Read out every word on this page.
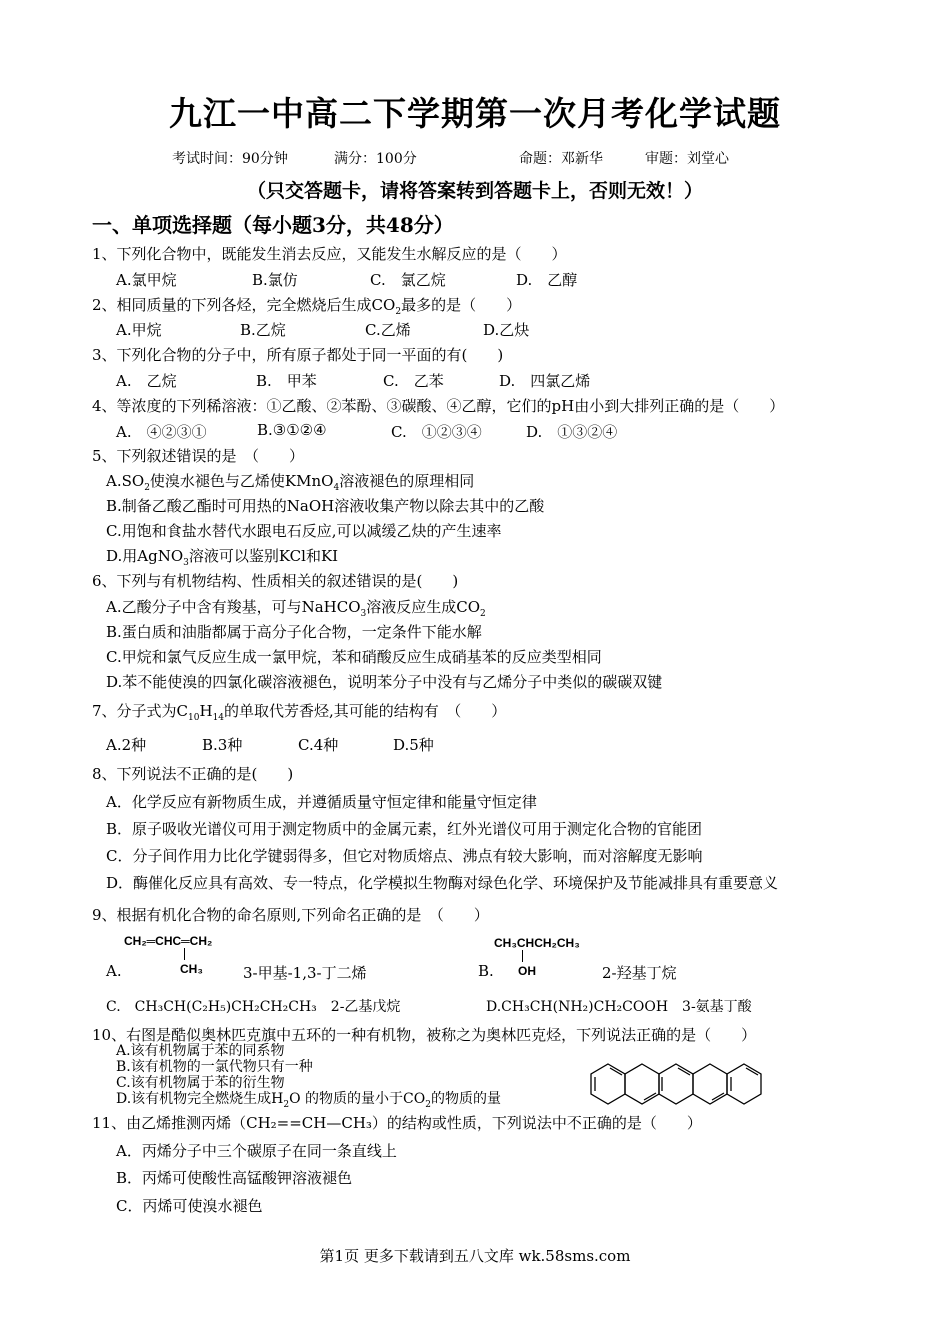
九江一中高二下学期第一次月考化学试题
考试时间：90分钟	满分：100分	命题：邓新华	审题：刘堂心
（只交答题卡，请将答案转到答题卡上，否则无效！）
一、单项选择题（每小题3分，共48分）
1、下列化合物中，既能发生消去反应，又能发生水解反应的是（　　）
A.氯甲烷	B.氯仿	C.　氯乙烷	D.　乙醇
2、相同质量的下列各烃，完全燃烧后生成$CO_2$最多的是（　　）
A.甲烷	B.乙烷	C.乙烯	D.乙炔
3、下列化合物的分子中，所有原子都处于同一平面的有(　　)
A.　乙烷	B.　甲苯	C.　乙苯	D.　四氯乙烯
4、等浓度的下列稀溶液：①乙酸、②苯酚、③碳酸、④乙醇，它们的pH由小到大排列正确的是（　　）
A.　④②③①	B.③①②④	C.　①②③④	D.　①③②④
5、下列叙述错误的是　（　　）
$A.SO_2$使溴水褪色与乙烯使KMnO$_4$溶液褪色的原理相同
B.制备乙酸乙酯时可用热的NaOH溶液收集产物以除去其中的乙酸
C.用饱和食盐水替代水跟电石反应,可以减缓乙炔的产生速率
D.用AgNO$_3$溶液可以鉴别KCl和KI
6、下列与有机物结构、性质相关的叙述错误的是(　　)
A.乙酸分子中含有羧基，可与NaHCO$_3$溶液反应生成$CO_2$
B.蛋白质和油脂都属于高分子化合物，一定条件下能水解
C.甲烷和氯气反应生成一氯甲烷，苯和硝酸反应生成硝基苯的反应类型相同
D.苯不能使溴的四氯化碳溶液褪色，说明苯分子中没有与乙烯分子中类似的碳碳双键
7、分子式为$C_{10}H_{14}$的单取代芳香烃,其可能的结构有　（　　）
A.2种	B.3种	C.4种	D.5种
8、下列说法不正确的是(　　)
A．化学反应有新物质生成，并遵循质量守恒定律和能量守恒定律
B．原子吸收光谱仪可用于测定物质中的金属元素，红外光谱仪可用于测定化合物的官能团
C．分子间作用力比化学键弱得多，但它对物质熔点、沸点有较大影响，而对溶解度无影响
D．酶催化反应具有高效、专一特点，化学模拟生物酶对绿色化学、环境保护及节能减排具有重要意义
9、根据有机化合物的命名原则,下列命名正确的是　（　　）
CH₂═CHC═CH₂
CH₃
A.	3-甲基-1,3-丁二烯
CH₃CHCH₂CH₃
OH
B.	2-羟基丁烷
C.　CH₃CH(C₂H₅)CH₂CH₂CH₃　2-乙基戊烷	D.CH₃CH(NH₂)CH₂COOH　3-氨基丁酸
10、右图是酷似奥林匹克旗中五环的一种有机物，被称之为奥林匹克烃，下列说法正确的是（　　）
A.该有机物属于苯的同系物
B.该有机物的一氯代物只有一种
C.该有机物属于苯的衍生物
D.该有机物完全燃烧生成$H_2O$ 的物质的量小于$CO_2$的物质的量
11、由乙烯推测丙烯（CH₂==CH—CH₃）的结构或性质，下列说法中不正确的是（　　）
A．丙烯分子中三个碳原子在同一条直线上
B．丙烯可使酸性高锰酸钾溶液褪色
C．丙烯可使溴水褪色
第1页 更多下载请到五八文库 wk.58sms.com
